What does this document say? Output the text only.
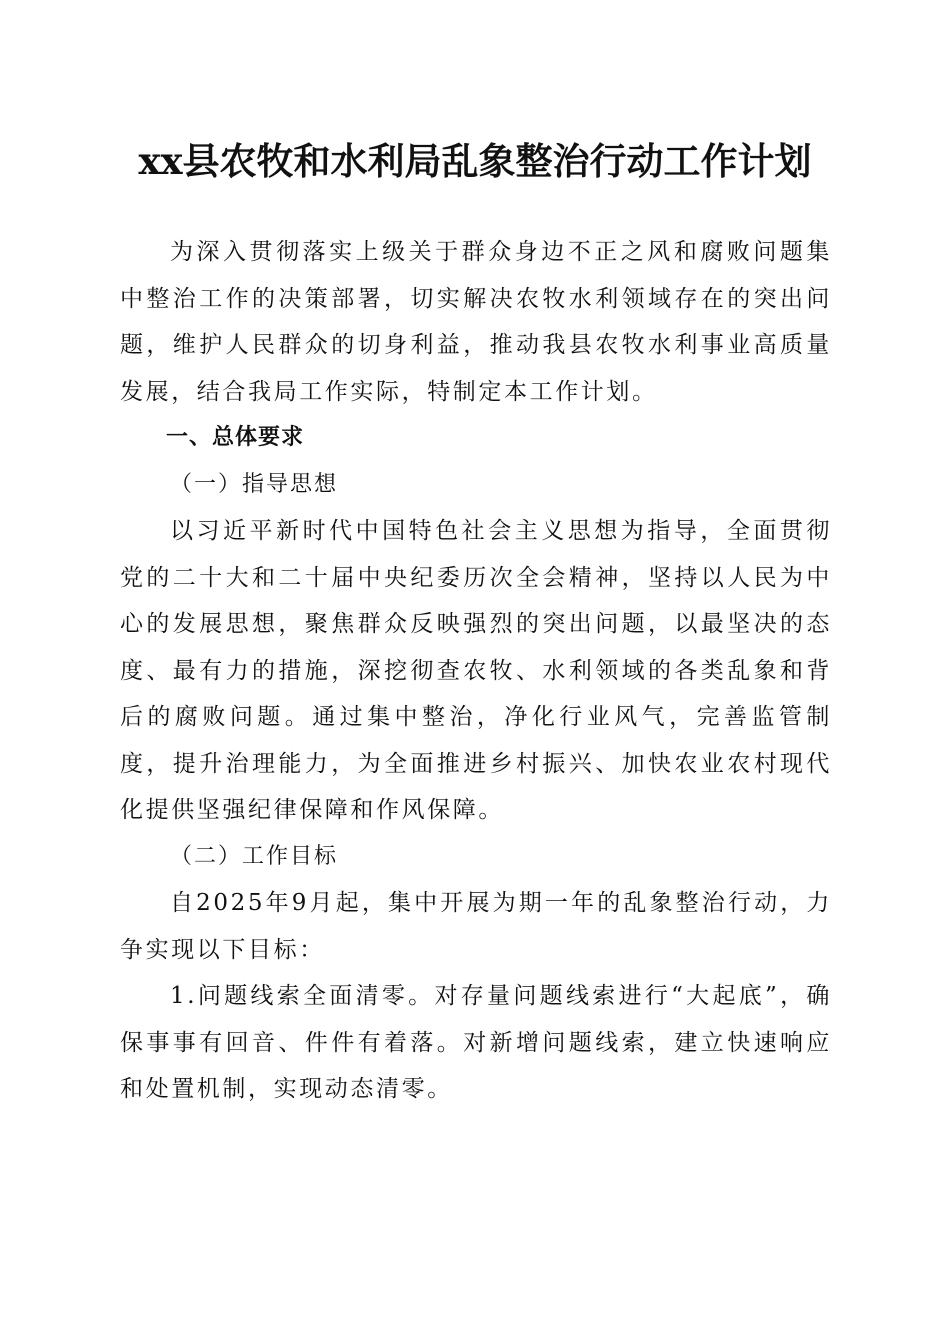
xx县农牧和水利局乱象整治行动工作计划

为深入贯彻落实上级关于群众身边不正之风和腐败问题集中整治工作的决策部署，切实解决农牧水利领域存在的突出问题，维护人民群众的切身利益，推动我县农牧水利事业高质量发展，结合我局工作实际，特制定本工作计划。

一、总体要求

（一）指导思想

以习近平新时代中国特色社会主义思想为指导，全面贯彻党的二十大和二十届中央纪委历次全会精神，坚持以人民为中心的发展思想，聚焦群众反映强烈的突出问题，以最坚决的态度、最有力的措施，深挖彻查农牧、水利领域的各类乱象和背后的腐败问题。通过集中整治，净化行业风气，完善监管制度，提升治理能力，为全面推进乡村振兴、加快农业农村现代化提供坚强纪律保障和作风保障。

（二）工作目标

自2025年9月起，集中开展为期一年的乱象整治行动，力争实现以下目标：

1.问题线索全面清零。对存量问题线索进行“大起底”，确保事事有回音、件件有着落。对新增问题线索，建立快速响应和处置机制，实现动态清零。
